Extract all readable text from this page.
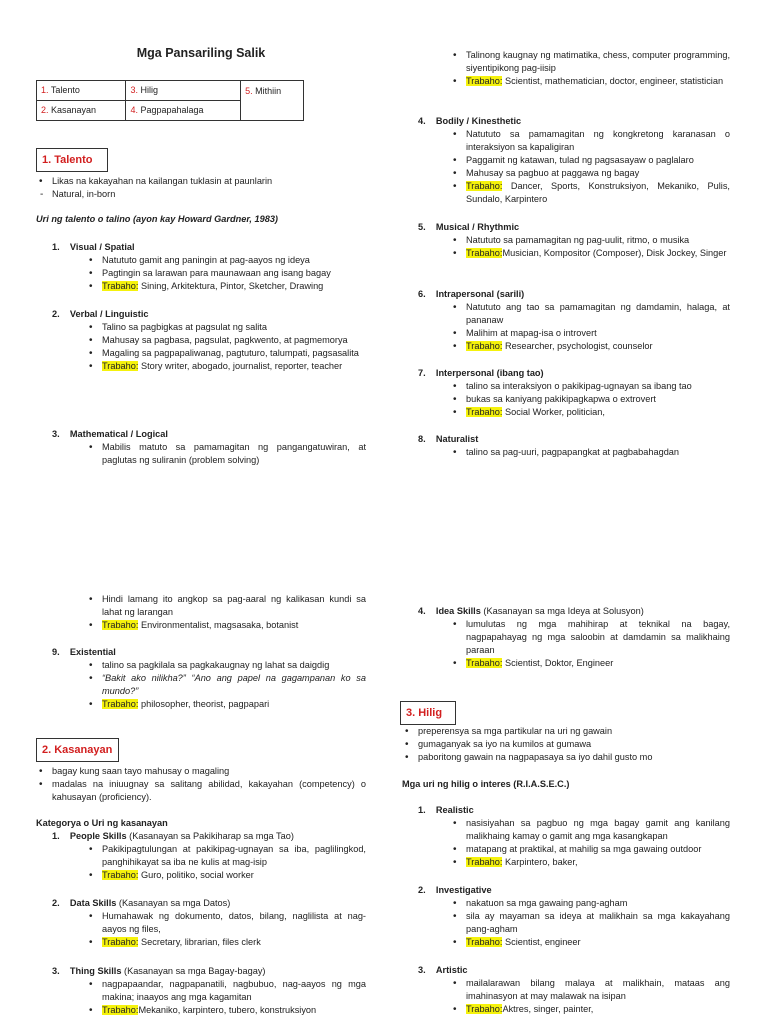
Mga Pansariling Salik
1. Talento	3. Hilig	5. Mithiin
2. Kasanayan	4. Pagpapahalaga	
1. Talento
• Likas na kakayahan na kailangan tuklasin at paunlarin
- Natural, in-born
Uri ng talento o talino (ayon kay Howard Gardner, 1983)
1. Visual / Spatial
• Natututo gamit ang paningin at pag-aayos ng ideya
• Pagtingin sa larawan para maunawaan ang isang bagay
• Trabaho: Sining, Arkitektura, Pintor, Sketcher, Drawing
2. Verbal / Linguistic
• Talino sa pagbigkas at pagsulat ng salita
• Mahusay sa pagbasa, pagsulat, pagkwento, at pagmemorya
• Magaling sa pagpapaliwanag, pagtuturo, talumpati, pagsasalita
• Trabaho: Story writer, abogado, journalist, reporter, teacher
3. Mathematical / Logical
• Mabilis matuto sa pamamagitan ng pangangatuwiran, at paglutas ng suliranin (problem solving)
• Hindi lamang ito angkop sa pag-aaral ng kalikasan kundi sa lahat ng larangan
• Trabaho: Environmentalist, magsasaka, botanist
9. Existential
• talino sa pagkilala sa pagkakaugnay ng lahat sa daigdig
• “Bakit ako nilikha?” “Ano ang papel na gagampanan ko sa mundo?”
• Trabaho: philosopher, theorist, pagpapari
2. Kasanayan
• bagay kung saan tayo mahusay o magaling
• madalas na iniuugnay sa salitang abilidad, kakayahan (competency) o kahusayan (proficiency).
Kategorya o Uri ng kasanayan
1. People Skills (Kasanayan sa Pakikiharap sa mga Tao)
• Pakikipagtulungan at pakikipag-ugnayan sa iba, paglilingkod, panghihikayat sa iba ne kulis at mag-isip
• Trabaho: Guro, politiko, social worker
2. Data Skills (Kasanayan sa mga Datos)
• Humahawak ng dokumento, datos, bilang, naglilista at nag-aayos ng files,
• Trabaho: Secretary, librarian, files clerk
3. Thing Skills (Kasanayan sa mga Bagay-bagay)
• nagpapaandar, nagpapanatili, nagbubuo, nag-aayos ng mga makina; inaayos ang mga kagamitan
• Trabaho:Mekaniko, karpintero, tubero, konstruksiyon
• Talinong kaugnay ng matimatika, chess, computer programming, siyentipikong pag-iisip
• Trabaho: Scientist, mathematician, doctor, engineer, statistician
4. Bodily / Kinesthetic
• Natututo sa pamamagitan ng kongkretong karanasan o interaksiyon sa kapaligiran
• Paggamit ng katawan, tulad ng pagsasayaw o paglalaro
• Mahusay sa pagbuo at paggawa ng bagay
• Trabaho: Dancer, Sports, Konstruksiyon, Mekaniko, Pulis, Sundalo, Karpintero
5. Musical / Rhythmic
• Natututo sa pamamagitan ng pag-uulit, ritmo, o musika
• Trabaho:Musician, Kompositor (Composer), Disk Jockey, Singer
6. Intrapersonal (sarili)
• Natututo ang tao sa pamamagitan ng damdamin, halaga, at pananaw
• Malihim at mapag-isa o introvert
• Trabaho: Researcher, psychologist, counselor
7. Interpersonal (ibang tao)
• talino sa interaksiyon o pakikipag-ugnayan sa ibang tao
• bukas sa kaniyang pakikipagkapwa o extrovert
• Trabaho: Social Worker, politician,
8. Naturalist
• talino sa pag-uuri, pagpapangkat at pagbabahagdan
4. Idea Skills (Kasanayan sa mga Ideya at Solusyon)
• lumulutas ng mga mahihirap at teknikal na bagay, nagpapahayag ng mga saloobin at damdamin sa malikhaing paraan
• Trabaho: Scientist, Doktor, Engineer
3. Hilig
• preperensya sa mga partikular na uri ng gawain
• gumaganyak sa iyo na kumilos at gumawa
• paboritong gawain na nagpapasaya sa iyo dahil gusto mo
Mga uri ng hilig o interes (R.I.A.S.E.C.)
1. Realistic
• nasisiyahan sa pagbuo ng mga bagay gamit ang kanilang malikhaing kamay o gamit ang mga kasangkapan
• matapang at praktikal, at mahilig sa mga gawaing outdoor
• Trabaho: Karpintero, baker,
2. Investigative
• nakatuon sa mga gawaing pang-agham
• sila ay mayaman sa ideya at malikhain sa mga kakayahang pang-agham
• Trabaho: Scientist, engineer
3. Artistic
• mailalarawan bilang malaya at malikhain, mataas ang imahinasyon at may malawak na isipan
• Trabaho:Aktres, singer, painter,
